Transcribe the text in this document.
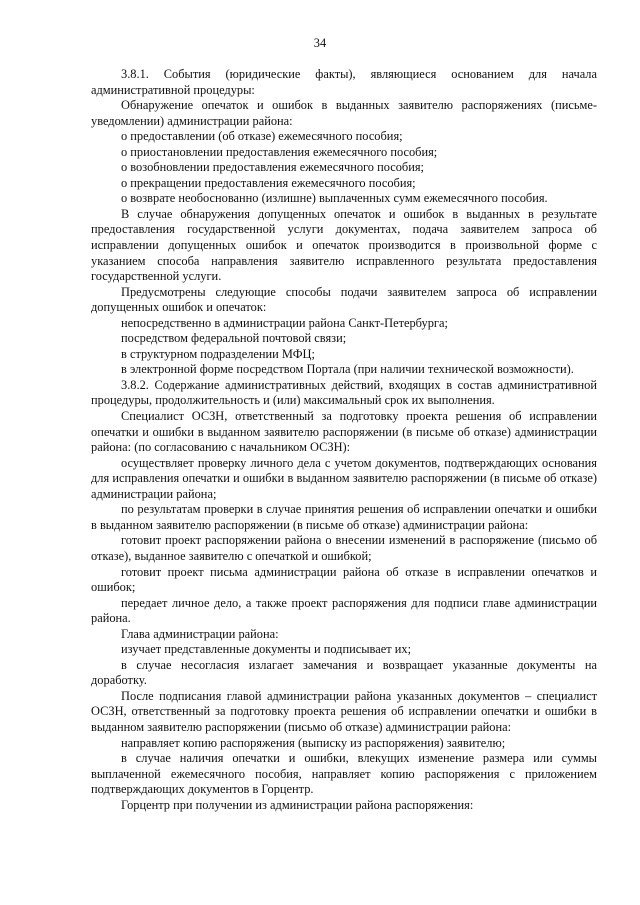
34

3.8.1. События (юридические факты), являющиеся основанием для начала административной процедуры:

Обнаружение опечаток и ошибок в выданных заявителю распоряжениях (письме-уведомлении) администрации района:

о предоставлении (об отказе) ежемесячного пособия;

о приостановлении предоставления ежемесячного пособия;

о возобновлении предоставления ежемесячного пособия;

о прекращении предоставления ежемесячного пособия;

о возврате необоснованно (излишне) выплаченных сумм ежемесячного пособия.

В случае обнаружения допущенных опечаток и ошибок в выданных в результате предоставления государственной услуги документах, подача заявителем запроса об исправлении допущенных ошибок и опечаток производится в произвольной форме с указанием способа направления заявителю исправленного результата предоставления государственной услуги.

Предусмотрены следующие способы подачи заявителем запроса об исправлении допущенных ошибок и опечаток:

непосредственно в администрации района Санкт-Петербурга;

посредством федеральной почтовой связи;

в структурном подразделении МФЦ;

в электронной форме посредством Портала (при наличии технической возможности).

3.8.2. Содержание административных действий, входящих в состав административной процедуры, продолжительность и (или) максимальный срок их выполнения.

Специалист ОСЗН, ответственный за подготовку проекта решения об исправлении опечатки и ошибки в выданном заявителю распоряжении (в письме об отказе) администрации района: (по согласованию с начальником ОСЗН):

осуществляет проверку личного дела с учетом документов, подтверждающих основания для исправления опечатки и ошибки в выданном заявителю распоряжении (в письме об отказе) администрации района;

по результатам проверки в случае принятия решения об исправлении опечатки и ошибки в выданном заявителю распоряжении (в письме об отказе) администрации района:

готовит проект распоряжении района о внесении изменений в распоряжение (письмо об отказе), выданное заявителю с опечаткой и ошибкой;

готовит проект письма администрации района об отказе в исправлении опечатков и ошибок;

передает личное дело, а также проект распоряжения для подписи главе администрации района.

Глава администрации района:

изучает представленные документы и подписывает их;

в случае несогласия излагает замечания и возвращает указанные документы на доработку.

После подписания главой администрации района указанных документов – специалист ОСЗН, ответственный за подготовку проекта решения об исправлении опечатки и ошибки в выданном заявителю распоряжении (письмо об отказе) администрации района:

направляет копию распоряжения (выписку из распоряжения) заявителю;

в случае наличия опечатки и ошибки, влекущих изменение размера или суммы выплаченной ежемесячного пособия, направляет копию распоряжения с приложением подтверждающих документов в Горцентр.

Горцентр при получении из администрации района распоряжения:
